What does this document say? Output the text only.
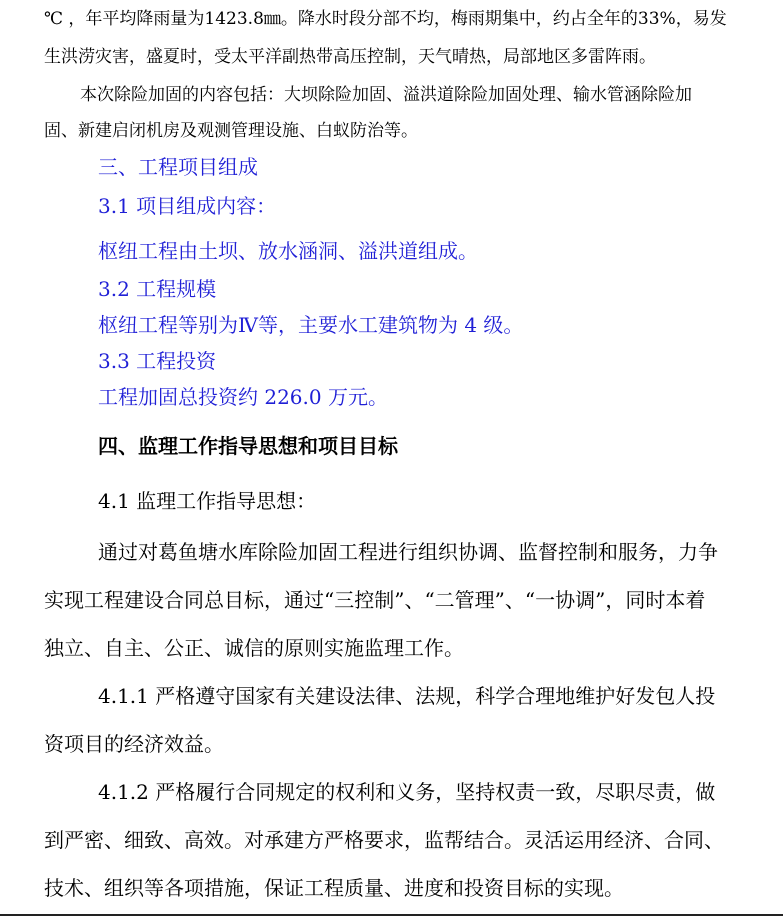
℃ ，年平均降雨量为1423.8㎜。降水时段分部不均，梅雨期集中，约占全年的33%，易发

生洪涝灾害，盛夏时，受太平洋副热带高压控制，天气晴热，局部地区多雷阵雨。

本次除险加固的内容包括：大坝除险加固、溢洪道除险加固处理、输水管涵除险加

固、新建启闭机房及观测管理设施、白蚁防治等。

三、工程项目组成

3.1 项目组成内容：

枢纽工程由土坝、放水涵洞、溢洪道组成。

3.2 工程规模

枢纽工程等别为Ⅳ等，主要水工建筑物为 4 级。

3.3 工程投资

工程加固总投资约 226.0 万元。

四、监理工作指导思想和项目目标

4.1 监理工作指导思想：

通过对葛鱼塘水库除险加固工程进行组织协调、监督控制和服务，力争

实现工程建设合同总目标，通过“三控制”、“二管理”、“一协调”，同时本着

独立、自主、公正、诚信的原则实施监理工作。

4.1.1 严格遵守国家有关建设法律、法规，科学合理地维护好发包人投

资项目的经济效益。

4.1.2 严格履行合同规定的权利和义务，坚持权责一致，尽职尽责，做

到严密、细致、高效。对承建方严格要求，监帮结合。灵活运用经济、合同、

技术、组织等各项措施，保证工程质量、进度和投资目标的实现。
